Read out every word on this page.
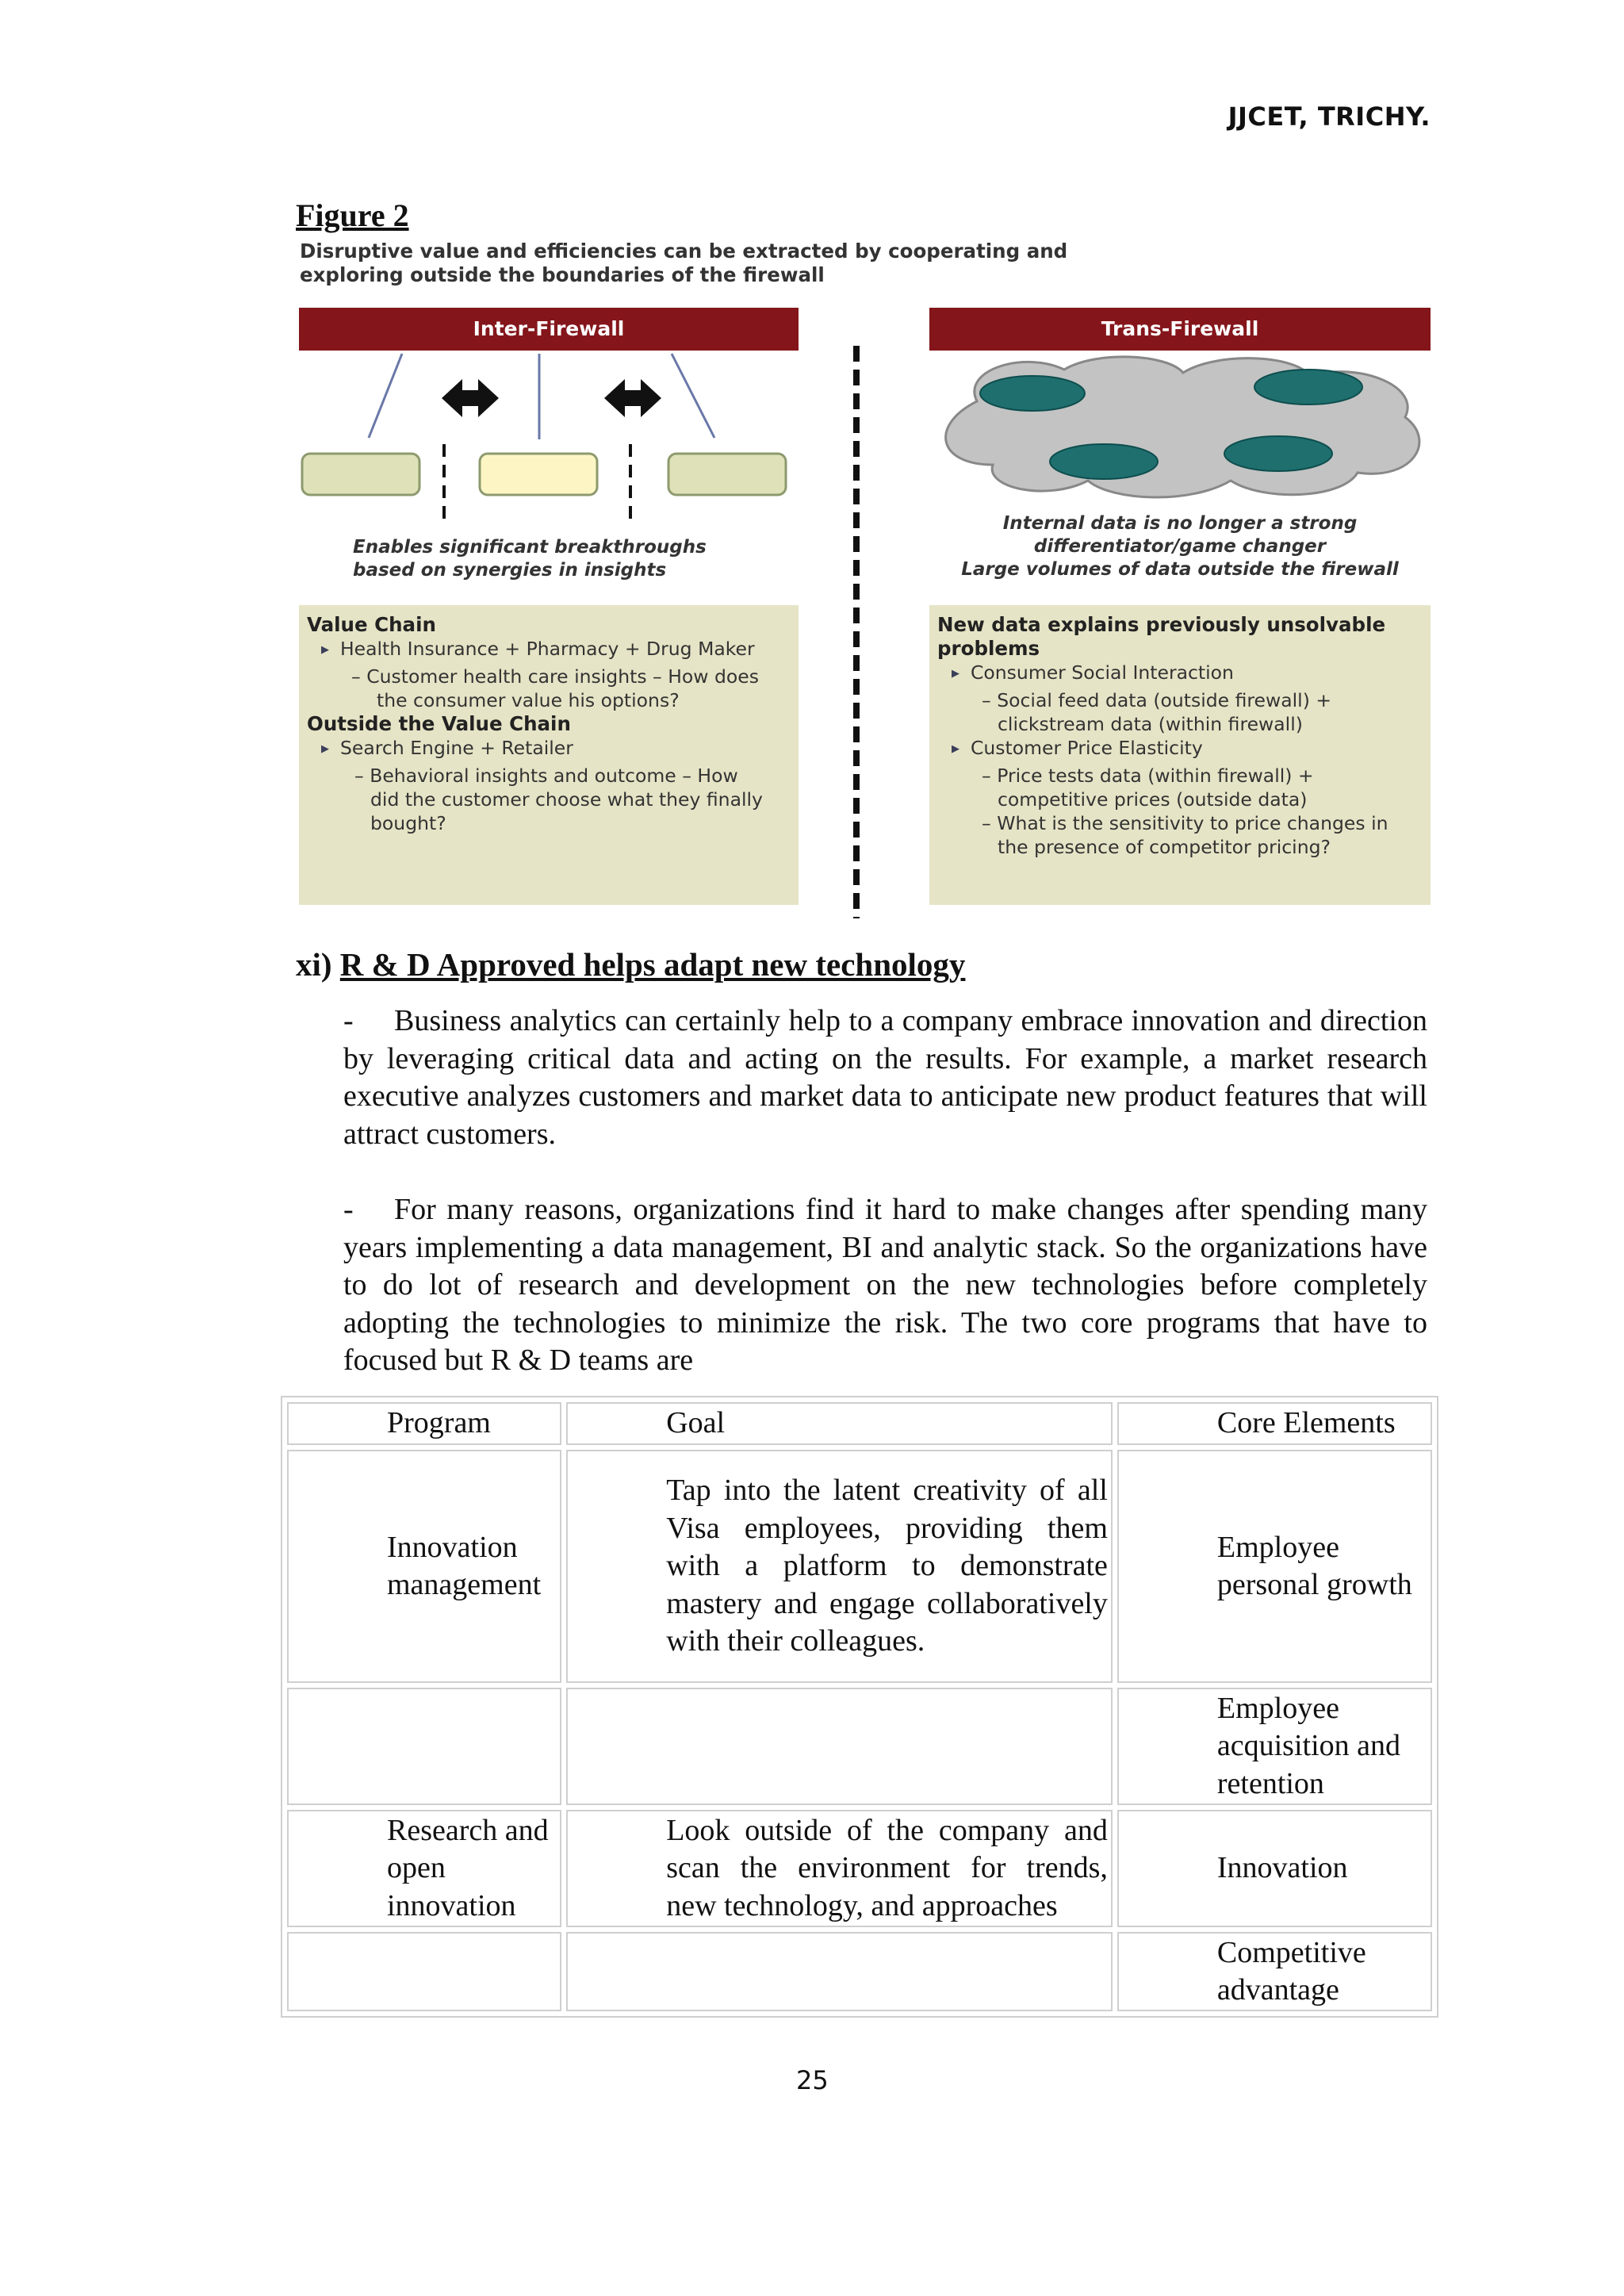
JJCET, TRICHY.
Figure 2
Disruptive value and efficiencies can be extracted by cooperating and
exploring outside the boundaries of the firewall
Inter-Firewall
Enables significant breakthroughs
based on synergies in insights
Value Chain
▶ Health Insurance + Pharmacy + Drug Maker
– Customer health care insights – How does
the consumer value his options?
Outside the Value Chain
▶ Search Engine + Retailer
– Behavioral insights and outcome – How
did the customer choose what they finally
bought?
Trans-Firewall
Internal data is no longer a strong
differentiator/game changer
Large volumes of data outside the firewall
New data explains previously unsolvable
problems
▶ Consumer Social Interaction
– Social feed data (outside firewall) +
clickstream data (within firewall)
▶ Customer Price Elasticity
– Price tests data (within firewall) +
competitive prices (outside data)
– What is the sensitivity to price changes in
the presence of competitor pricing?
xi) R & D Approved helps adapt new technology
- Business analytics can certainly help to a company embrace innovation and direction by leveraging critical data and acting on the results. For example, a market research executive analyzes customers and market data to anticipate new product features that will attract customers.
- For many reasons, organizations find it hard to make changes after spending many years implementing a data management, BI and analytic stack. So the organizations have to do lot of research and development on the new technologies before completely adopting the technologies to minimize the risk. The two core programs that have to focused but R & D teams are
Program	Goal	Core Elements

Innovation management	Tap into the latent creativity of all Visa employees, providing them with a platform to demonstrate mastery and engage collaboratively with their colleagues.	Employee personal growth

		Employee acquisition and retention

Research and open innovation	Look outside of the company and scan the environment for trends, new technology, and approaches	Innovation

		Competitive advantage
25
